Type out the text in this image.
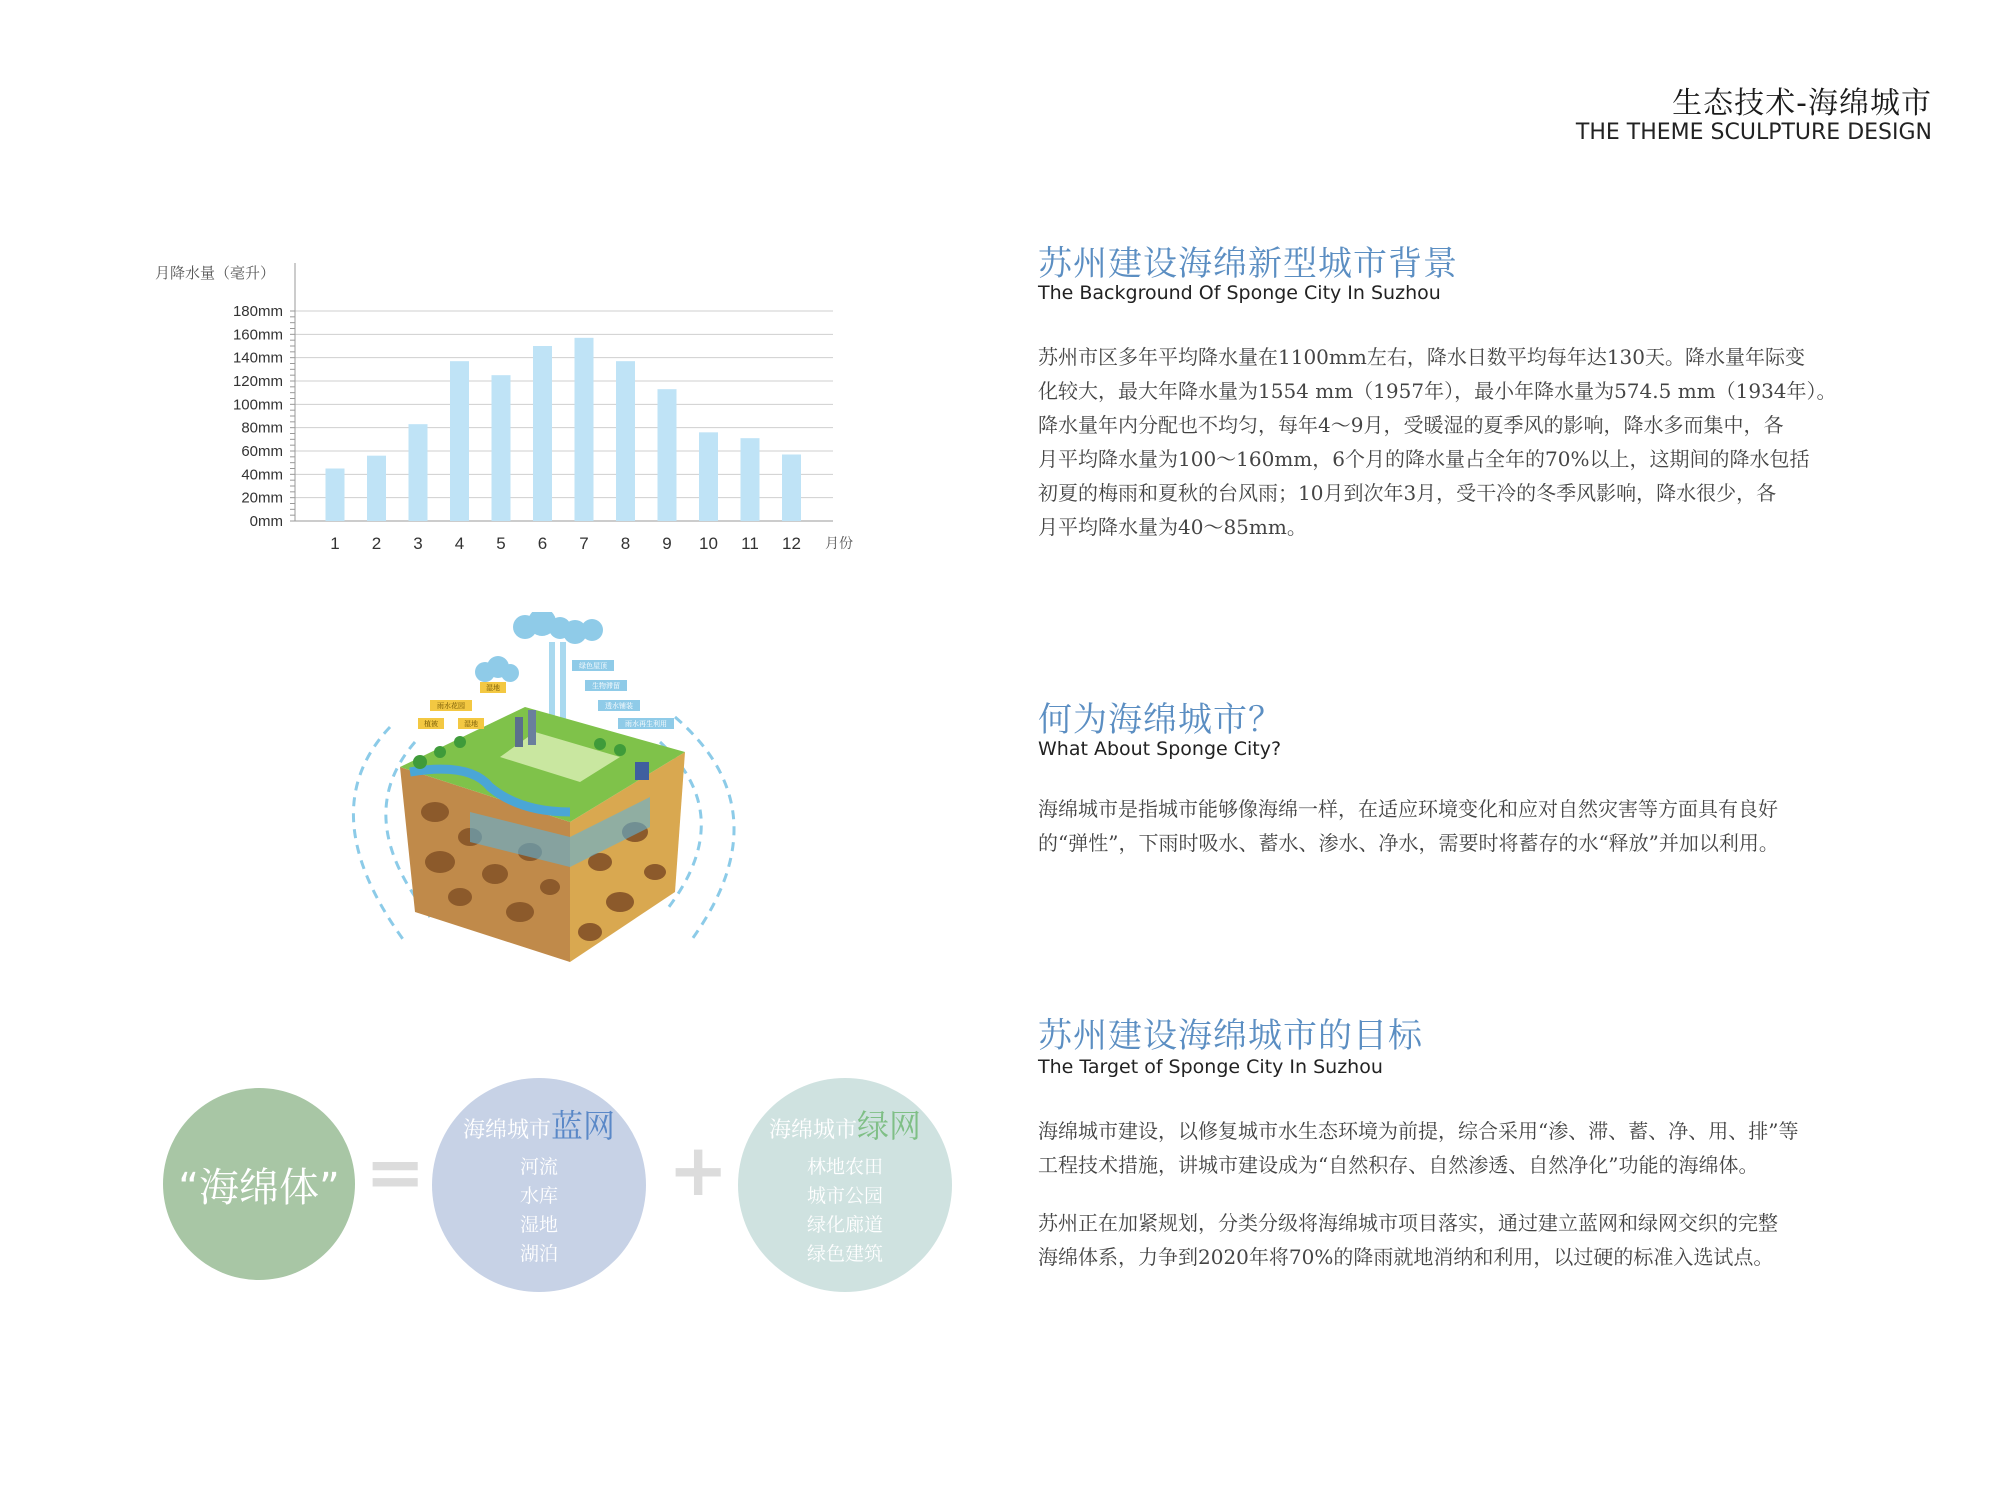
生态技术-海绵城市
THE THEME SCULPTURE DESIGN
苏州建设海绵新型城市背景
The Background Of Sponge City In Suzhou

苏州市区多年平均降水量在1100mm左右，降水日数平均每年达130天。降水量年际变
化较大，最大年降水量为1554 mm（1957年），最小年降水量为574.5 mm（1934年）。
降水量年内分配也不均匀，每年4～9月，受暖湿的夏季风的影响，降水多而集中，各
月平均降水量为100～160mm，6个月的降水量占全年的70%以上，这期间的降水包括
初夏的梅雨和夏秋的台风雨；10月到次年3月，受干冷的冬季风影响，降水很少，各
月平均降水量为40～85mm。

何为海绵城市？
What About Sponge City?

海绵城市是指城市能够像海绵一样，在适应环境变化和应对自然灾害等方面具有良好
的“弹性”，下雨时吸水、蓄水、渗水、净水，需要时将蓄存的水“释放”并加以利用。

苏州建设海绵城市的目标
The Target of Sponge City In Suzhou

海绵城市建设，以修复城市水生态环境为前提，综合采用“渗、滞、蓄、净、用、排”等
工程技术措施，讲城市建设成为“自然积存、自然渗透、自然净化”功能的海绵体。

苏州正在加紧规划，分类分级将海绵城市项目落实，通过建立蓝网和绿网交织的完整
海绵体系，力争到2020年将70%的降雨就地消纳和利用，以过硬的标准入选试点。

月降水量（毫升）
0mm
20mm
40mm
60mm
80mm
100mm
120mm
140mm
160mm
180mm
1 2 3 4 5 6 7 8 9 10 11 12 月份
绿色屋顶
生物滞留
透水铺装
雨水再生利用
雨水花园
湿地
植被	湿地
“海绵体” = 海绵城市蓝网
河流
水库
湿地
湖泊
+ 海绵城市绿网
林地农田
城市公园
绿化廊道
绿色建筑
